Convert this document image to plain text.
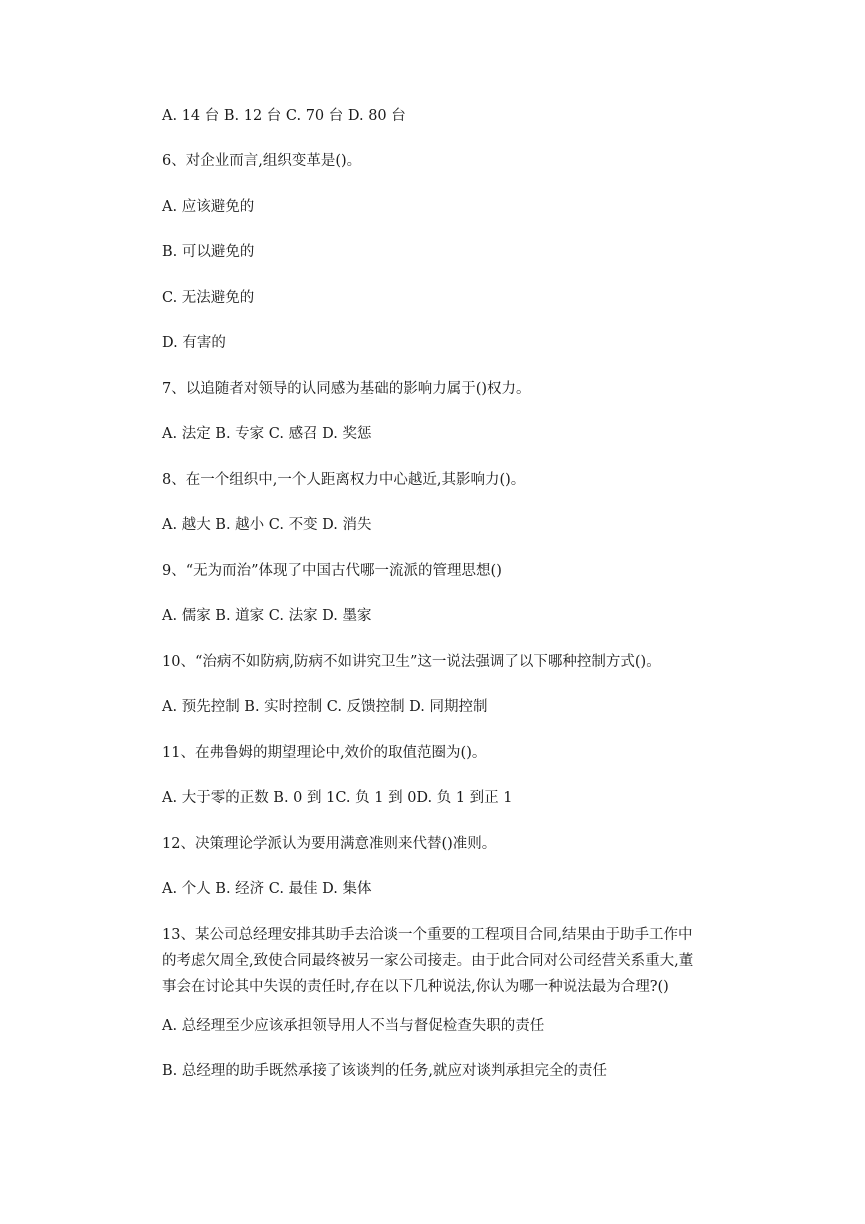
A. 14 台 B. 12 台 C. 70 台 D. 80 台
6、对企业而言,组织变革是()。
A. 应该避免的
B. 可以避免的
C. 无法避免的
D. 有害的
7、以追随者对领导的认同感为基础的影响力属于()权力。
A. 法定 B. 专家 C. 感召 D. 奖惩
8、在一个组织中,一个人距离权力中心越近,其影响力()。
A. 越大 B. 越小 C. 不变 D. 消失
9、“无为而治”体现了中国古代哪一流派的管理思想()
A. 儒家 B. 道家 C. 法家 D. 墨家
10、“治病不如防病,防病不如讲究卫生”这一说法强调了以下哪种控制方式()。
A. 预先控制 B. 实时控制 C. 反馈控制 D. 同期控制
11、在弗鲁姆的期望理论中,效价的取值范圈为()。
A. 大于零的正数 B. 0 到 1C. 负 1 到 0D. 负 1 到正 1
12、决策理论学派认为要用满意准则来代替()准则。
A. 个人 B. 经济 C. 最佳 D. 集体
13、某公司总经理安排其助手去洽谈一个重要的工程项目合同,结果由于助手工作中的考虑欠周全,致使合同最终被另一家公司接走。由于此合同对公司经营关系重大,董事会在讨论其中失误的责任时,存在以下几种说法,你认为哪一种说法最为合理?()
A. 总经理至少应该承担领导用人不当与督促检查失职的责任
B. 总经理的助手既然承接了该谈判的任务,就应对谈判承担完全的责任
